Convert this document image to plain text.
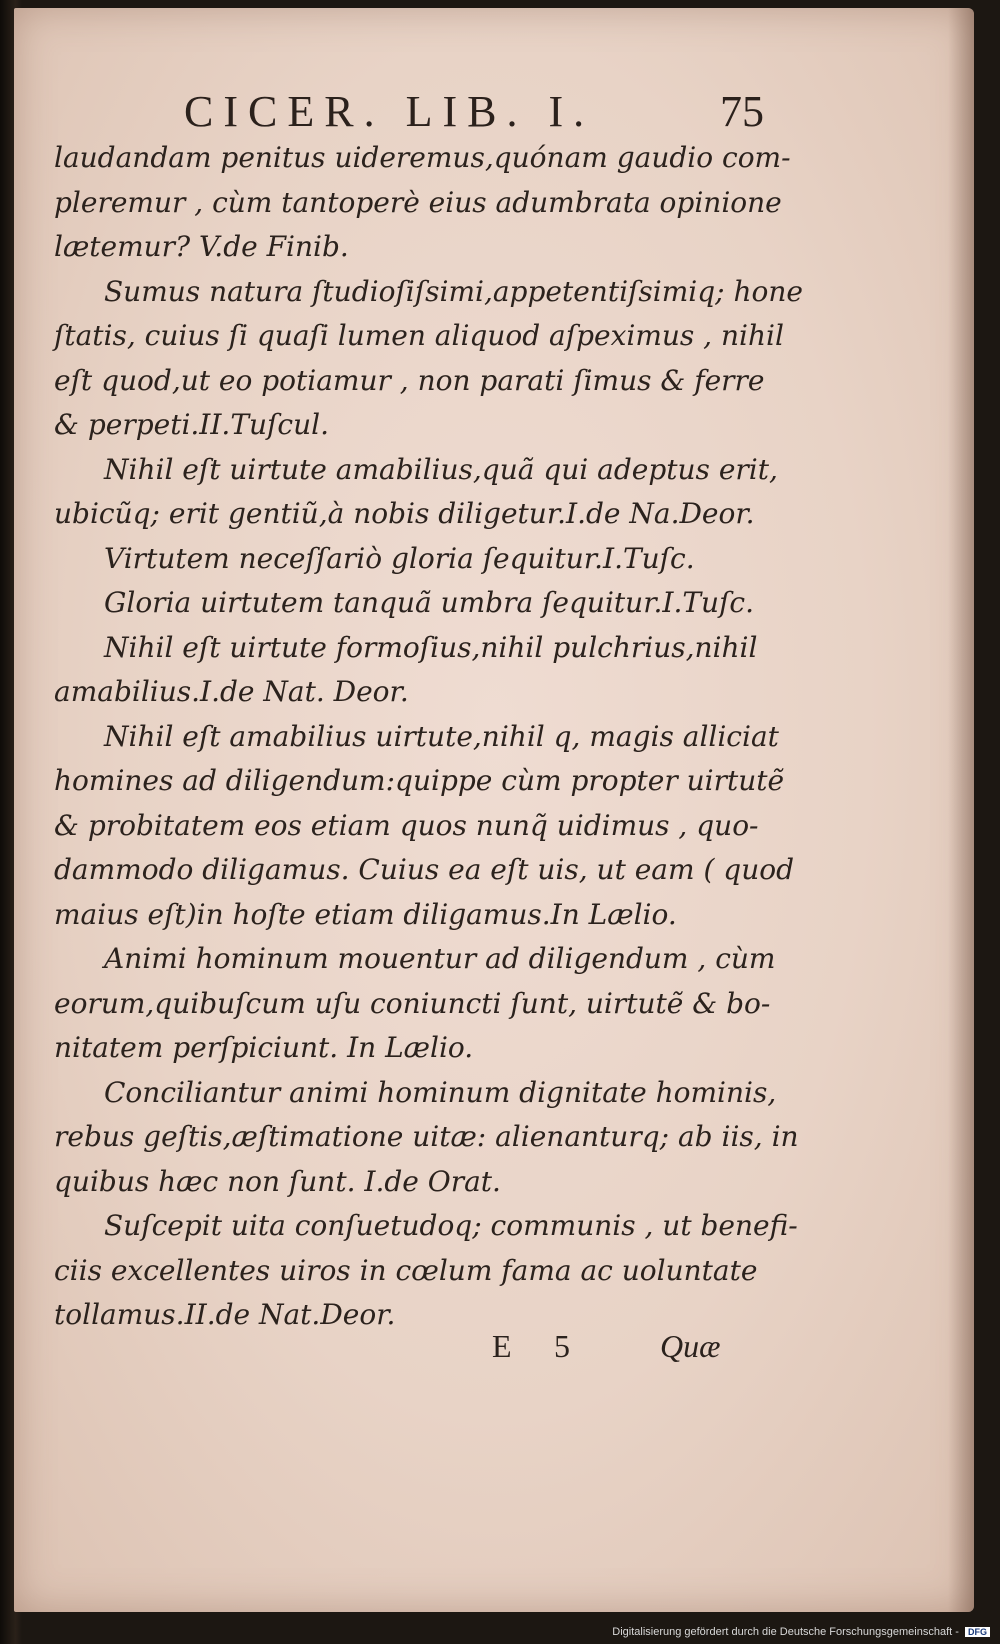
CICER. LIB. I.	75
laudandam penitus uideremus,quónam gaudio com-
pleremur , cùm tantoperè eius adumbrata opinione
lætemur? V.de Finib.
Sumus natura ſtudioſiſsimi,appetentiſsimiq; hone
ſtatis, cuius ſi quaſi lumen aliquod aſpeximus , nihil
eſt quod,ut eo potiamur , non parati ſimus & ferre
& perpeti.II.Tuſcul.
Nihil eſt uirtute amabilius,quã qui adeptus erit,
ubicũq; erit gentiũ,à nobis diligetur.I.de Na.Deor.
Virtutem neceſſariò gloria ſequitur.I.Tuſc.
Gloria uirtutem tanquã umbra ſequitur.I.Tuſc.
Nihil eſt uirtute formoſius,nihil pulchrius,nihil
amabilius.I.de Nat. Deor.
Nihil eſt amabilius uirtute,nihil q, magis alliciat
homines ad diligendum:quippe cùm propter uirtutẽ
& probitatem eos etiam quos nunq̃ uidimus , quo-
dammodo diligamus. Cuius ea eſt uis, ut eam ( quod
maius eſt)in hoſte etiam diligamus.In Lælio.
Animi hominum mouentur ad diligendum , cùm
eorum,quibuſcum uſu coniuncti ſunt, uirtutẽ & bo-
nitatem perſpiciunt. In Lælio.
Conciliantur animi hominum dignitate hominis,
rebus geſtis,æſtimatione uitæ: alienanturq; ab iis, in
quibus hæc non ſunt. I.de Orat.
Suſcepit uita conſuetudoq; communis , ut benefi-
ciis excellentes uiros in cœlum fama ac uoluntate
tollamus.II.de Nat.Deor.
E 5	Quæ
Digitalisierung gefördert durch die Deutsche Forschungsgemeinschaft - DFG
